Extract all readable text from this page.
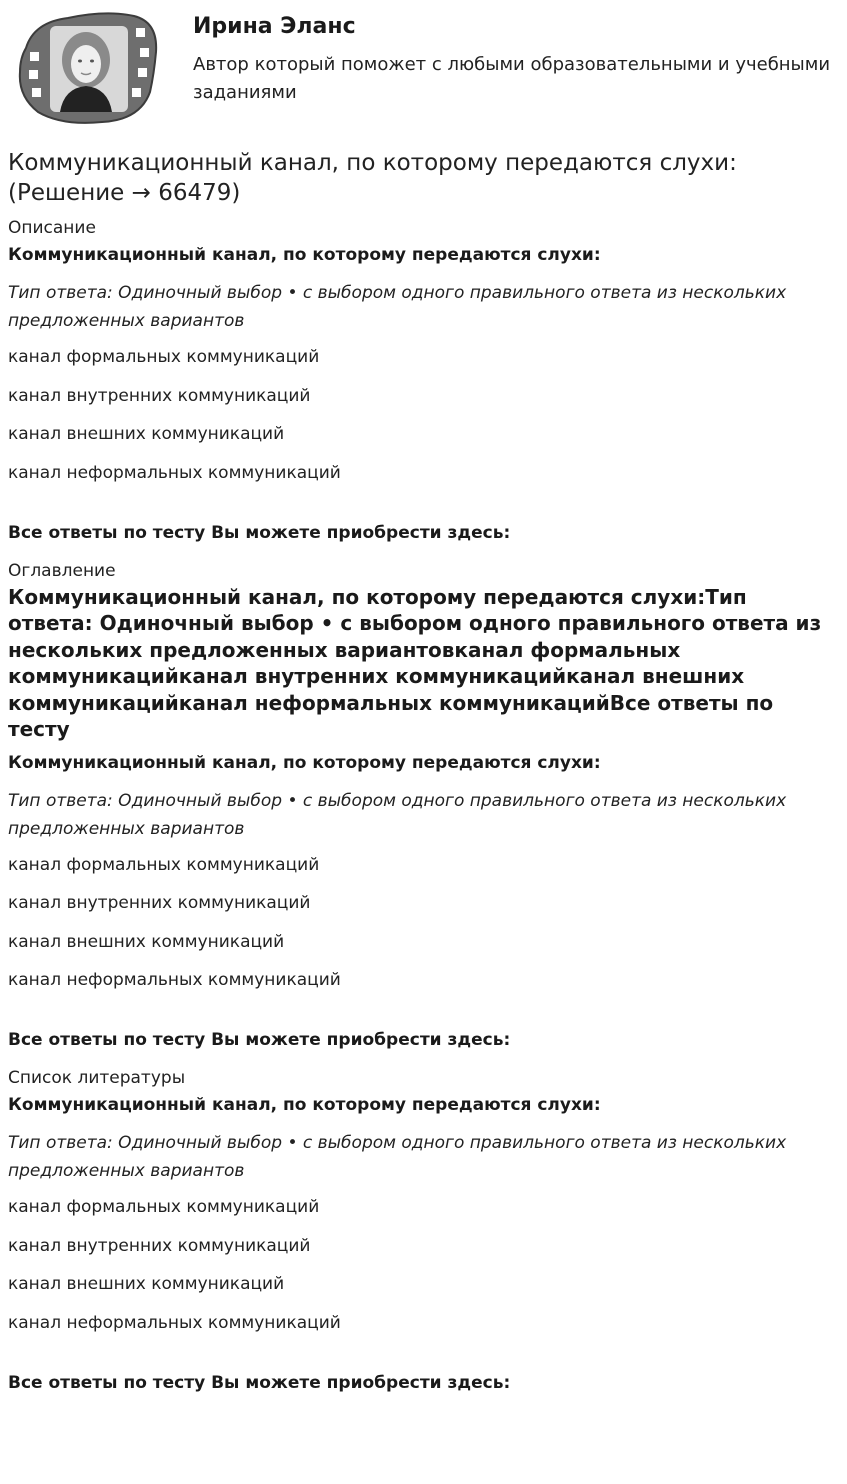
Ирина Эланс

Автор который поможет с любыми образовательными и учебными заданиями

Коммуникационный канал, по которому передаются слухи: (Решение → 66479)
Описание
Коммуникационный канал, по которому передаются слухи:
Тип ответа: Одиночный выбор • с выбором одного правильного ответа из нескольких предложенных вариантов
канал формальных коммуникаций
канал внутренних коммуникаций
канал внешних коммуникаций
канал неформальных коммуникаций
Все ответы по тесту Вы можете приобрести здесь:
Оглавление
Коммуникационный канал, по которому передаются слухи:Тип ответа: Одиночный выбор • с выбором одного правильного ответа из нескольких предложенных вариантовканал формальных коммуникацийканал внутренних коммуникацийканал внешних коммуникацийканал неформальных коммуникацийВсе ответы по тесту
Коммуникационный канал, по которому передаются слухи:
Тип ответа: Одиночный выбор • с выбором одного правильного ответа из нескольких предложенных вариантов
канал формальных коммуникаций
канал внутренних коммуникаций
канал внешних коммуникаций
канал неформальных коммуникаций
Все ответы по тесту Вы можете приобрести здесь:
Список литературы
Коммуникационный канал, по которому передаются слухи:
Тип ответа: Одиночный выбор • с выбором одного правильного ответа из нескольких предложенных вариантов
канал формальных коммуникаций
канал внутренних коммуникаций
канал внешних коммуникаций
канал неформальных коммуникаций
Все ответы по тесту Вы можете приобрести здесь:
